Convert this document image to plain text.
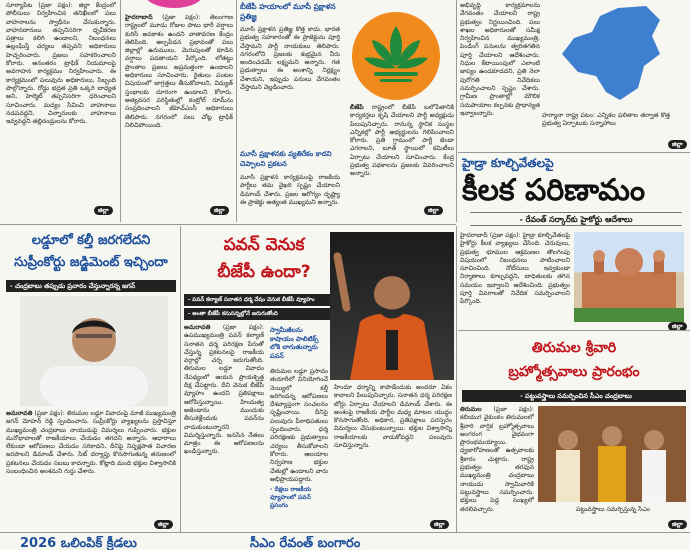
సూర్యాపేట (ప్రజా పక్షం): జిల్లా కేంద్రంలో పోలీసులు నిర్వహించిన తనిఖీలలో పలు వాహనాలను స్వాధీనం చేసుకున్నారు. వాహనదారులు తప్పనిసరిగా ధృవీకరణ పత్రాలు కలిగి ఉండాలని, నిబంధనలు ఉల్లంఘిస్తే చర్యలు తప్పవని అధికారులు హెచ్చరించారు. ప్రజలు సహకరించాలని కోరారు. అనంతరం ట్రాఫిక్ నియమాలపై అవగాహన కార్యక్రమం నిర్వహించారు. ఈ కార్యక్రమంలో పలువురు అధికారులు, సిబ్బంది పాల్గొన్నారు. రోడ్డు భద్రత ప్రతి ఒక్కరి బాధ్యత అని, హెల్మెట్ తప్పనిసరిగా ధరించాలని సూచించారు. మద్యం సేవించి వాహనాలు నడపవద్దని, చిన్నారులకు వాహనాలు ఇవ్వవద్దని తల్లిదండ్రులను కోరారు.
జిల్లా
హైదరాబాద్ (ప్రజా పక్షం): తెలంగాణ రాష్ట్రంలో మూడు రోజుల పాటు భారీ వర్షాలు కురిసే అవకాశం ఉందని వాతావరణ కేంద్రం తెలిపింది. అల్పపీడన ప్రభావంతో పలు జిల్లాల్లో ఉరుములు, మెరుపులతో కూడిన వర్షాలు పడతాయని పేర్కొంది. లోతట్టు ప్రాంతాల ప్రజలు అప్రమత్తంగా ఉండాలని అధికారులు సూచించారు. రైతులు పంటల విషయంలో జాగ్రత్తలు తీసుకోవాలని, విద్యుత్ స్తంభాలకు దూరంగా ఉండాలని కోరారు. అత్యవసర పరిస్థితుల్లో కంట్రోల్ రూమ్‌ను సంప్రదించాలని జీహెచ్ఎంసీ అధికారులు తెలిపారు. నగరంలో పలు చోట్ల ట్రాఫిక్ నిలిచిపోయింది.
జిల్లా
బీజేపీ హయాంలో మూసీ ప్రక్షాళన ప్రతిజ్ఞ
మూసీ ప్రక్షాళన ప్రతిజ్ఞ కొత్త కాదు. భారత ప్రభుత్వ సహకారంతో ఈ ప్రాజెక్టును పూర్తి చేస్తామని పార్టీ నాయకులు తెలిపారు. నగరంలోని ప్రజలకు శుభ్రమైన నీరు అందించడమే లక్ష్యమని అన్నారు. గత ప్రభుత్వాలు ఈ అంశాన్ని నిర్లక్ష్యం చేశాయని, ఇప్పుడు పనులు వేగవంతం చేస్తామని వెల్లడించారు.
మూసీ ప్రక్షాళనకు వ్యతిరేకం కాదని చెప్పాలని ప్రకటన
మూసీ ప్రక్షాళన కార్యక్రమంపై రాజకీయ పార్టీలు తమ వైఖరి స్పష్టం చేయాలని డిమాండ్ చేశారు. ప్రజల ఆరోగ్యం దృష్ట్యా ఈ ప్రాజెక్టు అత్యంత ముఖ్యమని అన్నారు.
బీజేపీ రాష్ట్రంలో బీజేపీ బలోపేతానికి కార్యకర్తలు కృషి చేయాలని పార్టీ అధ్యక్షుడు పిలుపునిచ్చారు. రానున్న స్థానిక సంస్థల ఎన్నికల్లో పార్టీ అభ్యర్థులను గెలిపించాలని కోరారు. ప్రతి గ్రామంలో పార్టీ జెండా ఎగరాలని, బూత్ స్థాయిలో కమిటీలు ఏర్పాటు చేయాలని సూచించారు. కేంద్ర ప్రభుత్వ పథకాలను ప్రజలకు వివరించాలని అన్నారు.
జిల్లా
అభివృద్ధి కార్యక్రమాలను వేగవంతం చేయాలని రాష్ట్ర ప్రభుత్వం నిర్ణయించింది. పలు శాఖల అధికారులతో సమీక్ష నిర్వహించిన ముఖ్యమంత్రి, పెండింగ్ పనులను త్వరితగతిన పూర్తి చేయాలని ఆదేశించారు. నిధుల కేటాయింపులో ఎలాంటి జాప్యం ఉండకూడదని, ప్రతి నెలా పురోగతి నివేదికలు సమర్పించాలని స్పష్టం చేశారు. గ్రామీణ ప్రాంతాల్లో మౌలిక సదుపాయాల కల్పనకు ప్రాధాన్యత ఇవ్వాలన్నారు.	హర్యానా రాష్ట్ర పటం: ఎన్నికల ఫలితాల తర్వాత కొత్త ప్రభుత్వ ఏర్పాటుకు సన్నాహాలు
జిల్లా
హైడ్రా కూల్చివేతలపై
కీలక పరిణామం
- రేవంత్ సర్కార్‌కు హైకోర్టు ఆదేశాలు
హైదరాబాద్ (ప్రజా పక్షం): హైడ్రా కూల్చివేతలపై హైకోర్టు కీలక వ్యాఖ్యలు చేసింది. చెరువులు, ప్రభుత్వ భూముల ఆక్రమణల తొలగింపు విషయంలో నిబంధనలు పాటించాలని సూచించింది. నోటీసులు ఇవ్వకుండా నిర్మాణాలు కూల్చవద్దని, బాధితులకు తగిన సమయం ఇవ్వాలని ఆదేశించింది. ప్రభుత్వం పూర్తి వివరాలతో నివేదిక సమర్పించాలని పేర్కొంది.
జిల్లా
లడ్డూలో కల్తీ జరగలేదని
సుప్రీంకోర్టు జడ్జిమెంట్ ఇచ్చిందా
- చంద్రబాబు తప్పుడు ప్రచారం చేస్తున్నారన్న జగన్
అమరావతి (ప్రజా పక్షం): తిరుమల లడ్డూ వివాదంపై మాజీ ముఖ్యమంత్రి జగన్ మోహన్ రెడ్డి స్పందించారు. సుప్రీంకోర్టు వ్యాఖ్యలను ప్రస్తావిస్తూ ముఖ్యమంత్రి చంద్రబాబు నాయుడుపై విమర్శలు గుప్పించారు. భక్తుల మనోభావాలతో రాజకీయాలు చేయడం తగదని అన్నారు. ఆధారాలు లేకుండా ఆరోపణలు చేయడం సరికాదని, దీనిపై నిష్పక్షపాత విచారణ జరపాలని డిమాండ్ చేశారు. సిట్ దర్యాప్తు కొనసాగుతున్న తరుణంలో ప్రకటనలు చేయడం సబబు కాదన్నారు. కోట్లాది మంది భక్తుల విశ్వాసానికి సంబంధించిన అంశమని గుర్తు చేశారు.
జిల్లా
పవన్ వెనుక
బీజేపీ ఉందా?
- పవన్ కల్యాణ్ సనాతన ధర్మ వేషం వెనుక బీజేపీ వ్యూహం
- అంతా బీజేపీ కనుసన్నల్లోనే జరుగుతోంది
అమరావతి (ప్రజా పక్షం): ఉపముఖ్యమంత్రి పవన్ కల్యాణ్ సనాతన ధర్మ పరిరక్షణ పేరుతో చేస్తున్న ప్రకటనలపై రాజకీయ వర్గాల్లో చర్చ జరుగుతోంది. తిరుమల లడ్డూ వివాదం నేపథ్యంలో ఆయన ప్రాయశ్చిత్త దీక్ష చేపట్టారు. దీని వెనుక బీజేపీ వ్యూహం ఉందని ప్రతిపక్షాలు ఆరోపిస్తున్నాయి. హిందుత్వ అజెండాను ముందుకు తీసుకెళ్లేందుకు పవన్‌ను వాడుకుంటున్నారని విమర్శిస్తున్నారు. జనసేన నేతలు మాత్రం ఈ ఆరోపణలను ఖండిస్తున్నారు.
స్వామీజీలను కాషాయం పాలిటిక్స్ లోకి లాగుతున్నారు పవన్
తిరుమల లడ్డూ ప్రసాదం తయారీలో వినియోగించే నెయ్యిలో కల్తీ జరిగిందన్న ఆరోపణలు దేశవ్యాప్తంగా సంచలనం సృష్టించాయి. దీనిపై పలువురు పీఠాధిపతులు స్పందించారు. ధర్మ పరిరక్షణకు ప్రభుత్వాలు చర్యలు తీసుకోవాలని కోరారు. ఆలయాల నిర్వహణ భక్తుల చేతుల్లో ఉండాలని వారు అభిప్రాయపడ్డారు.
- దీక్షలు రాజకీయ వ్యూహంలో పవన్ ప్రసంగం
హిందూ ధర్మాన్ని కాపాడేందుకు అందరూ ఏకం కావాలని పిలుపునిచ్చారు. సనాతన ధర్మ పరిరక్షణ బోర్డు ఏర్పాటు చేయాలని డిమాండ్ చేశారు. ఈ అంశంపై రాజకీయ పార్టీల మధ్య మాటల యుద్ధం కొనసాగుతోంది. అధికార, ప్రతిపక్షాలు పరస్పరం విమర్శలు చేసుకుంటున్నాయి. భక్తుల విశ్వాసాన్ని రాజకీయాలకు వాడుకోవద్దని పలువురు సూచిస్తున్నారు.
జిల్లా
తిరుమల శ్రీవారి
బ్రహ్మోత్సవాలు ప్రారంభం
- పట్టువస్త్రాలు సమర్పించిన సీఎం చంద్రబాబు
తిరుమల (ప్రజా పక్షం): కలియుగ వైకుంఠం తిరుమలలో శ్రీవారి వార్షిక బ్రహ్మోత్సవాలు అంగరంగ వైభవంగా ప్రారంభమయ్యాయి. ధ్వజారోహణంతో ఉత్సవాలకు శ్రీకారం చుట్టారు. రాష్ట్ర ప్రభుత్వం తరఫున ముఖ్యమంత్రి చంద్రబాబు నాయుడు స్వామివారికి పట్టువస్త్రాలు సమర్పించారు. భక్తులు పెద్ద సంఖ్యలో తరలివచ్చారు.	పట్టువస్త్రాలు సమర్పిస్తున్న సీఎం
జిల్లా
2026 ఒలింపిక్ క్రీడలు	సీఎం రేవంత్ బంగారం
